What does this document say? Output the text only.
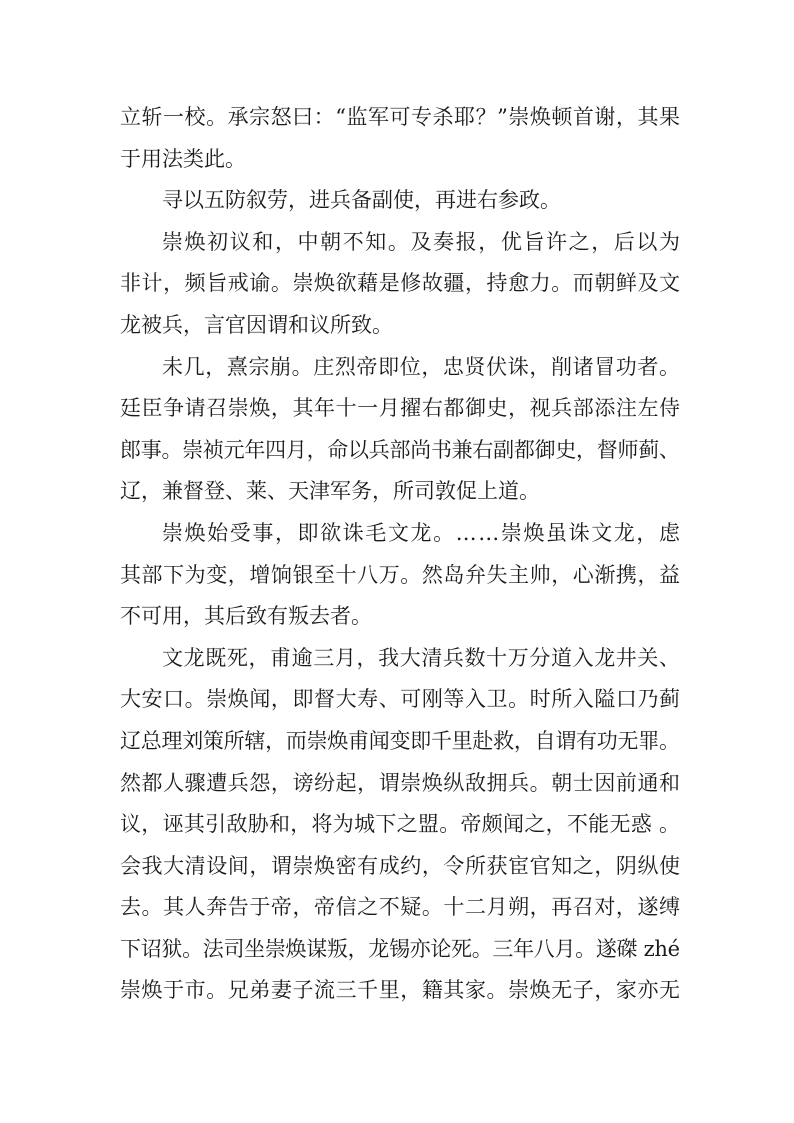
立斩一校。承宗怒曰：“监军可专杀耶？”崇焕顿首谢，其果
于用法类此。
寻以五防叙劳，进兵备副使，再进右参政。
崇焕初议和，中朝不知。及奏报，优旨许之，后以为
非计，频旨戒谕。崇焕欲藉是修故疆，持愈力。而朝鲜及文
龙被兵，言官因谓和议所致。
未几，熹宗崩。庄烈帝即位，忠贤伏诛，削诸冒功者。
廷臣争请召崇焕，其年十一月擢右都御史，视兵部添注左侍
郎事。崇祯元年四月，命以兵部尚书兼右副都御史，督师蓟、
辽，兼督登、莱、天津军务，所司敦促上道。
崇焕始受事，即欲诛毛文龙。……崇焕虽诛文龙，虑
其部下为变，增饷银至十八万。然岛弁失主帅，心渐携，益
不可用，其后致有叛去者。
文龙既死，甫逾三月，我大清兵数十万分道入龙井关、
大安口。崇焕闻，即督大寿、可刚等入卫。时所入隘口乃蓟
辽总理刘策所辖，而崇焕甫闻变即千里赴救，自谓有功无罪。
然都人骤遭兵怨，谤纷起，谓崇焕纵敌拥兵。朝士因前通和
议，诬其引敌胁和，将为城下之盟。帝颇闻之，不能无惑 。
会我大清设间，谓崇焕密有成约，令所获宦官知之，阴纵使
去。其人奔告于帝，帝信之不疑。十二月朔，再召对，遂缚
下诏狱。法司坐崇焕谋叛，龙锡亦论死。三年八月。遂磔 zhé
崇焕于市。兄弟妻子流三千里，籍其家。崇焕无子，家亦无
